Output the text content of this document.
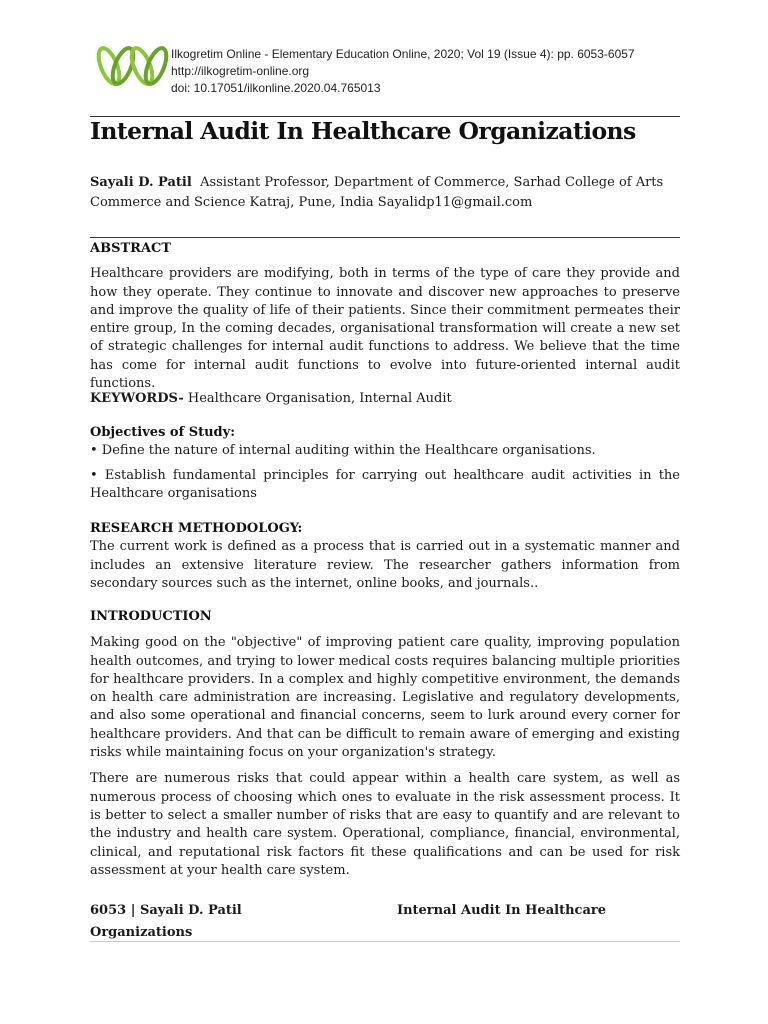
Ilkogretim Online - Elementary Education Online, 2020; Vol 19 (Issue 4): pp. 6053-6057
http://ilkogretim-online.org
doi: 10.17051/ilkonline.2020.04.765013
Internal Audit In Healthcare Organizations
Sayali D. Patil Assistant Professor, Department of Commerce, Sarhad College of Arts Commerce and Science Katraj, Pune, India Sayalidp11@gmail.com
ABSTRACT
Healthcare providers are modifying, both in terms of the type of care they provide and how they operate. They continue to innovate and discover new approaches to preserve and improve the quality of life of their patients. Since their commitment permeates their entire group, In the coming decades, organisational transformation will create a new set of strategic challenges for internal audit functions to address. We believe that the time has come for internal audit functions to evolve into future-oriented internal audit functions.
KEYWORDS- Healthcare Organisation, Internal Audit
Objectives of Study:
• Define the nature of internal auditing within the Healthcare organisations.
• Establish fundamental principles for carrying out healthcare audit activities in the Healthcare organisations
RESEARCH METHODOLOGY:
The current work is defined as a process that is carried out in a systematic manner and includes an extensive literature review. The researcher gathers information from secondary sources such as the internet, online books, and journals..
INTRODUCTION
Making good on the "objective" of improving patient care quality, improving population health outcomes, and trying to lower medical costs requires balancing multiple priorities for healthcare providers. In a complex and highly competitive environment, the demands on health care administration are increasing. Legislative and regulatory developments, and also some operational and financial concerns, seem to lurk around every corner for healthcare providers. And that can be difficult to remain aware of emerging and existing risks while maintaining focus on your organization's strategy.
There are numerous risks that could appear within a health care system, as well as numerous process of choosing which ones to evaluate in the risk assessment process. It is better to select a smaller number of risks that are easy to quantify and are relevant to the industry and health care system. Operational, compliance, financial, environmental, clinical, and reputational risk factors fit these qualifications and can be used for risk assessment at your health care system.
6053 | Sayali D. Patil	Internal Audit In Healthcare
Organizations
